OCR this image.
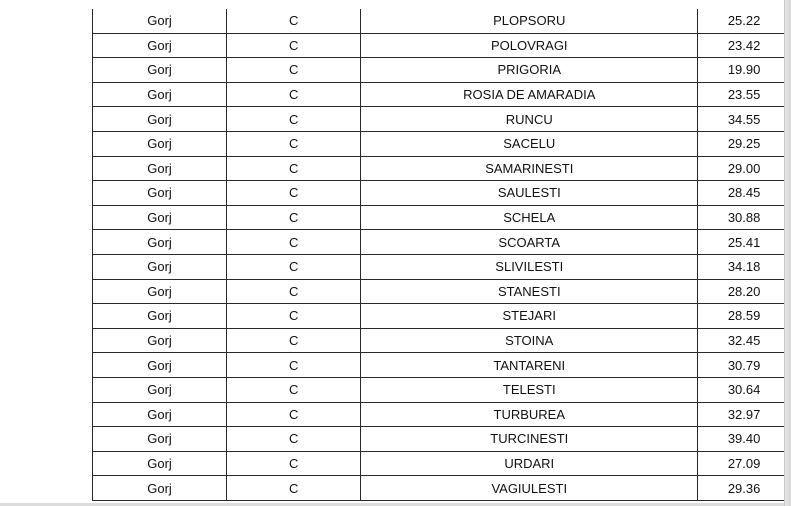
Gorj	C	PLOPSORU	25.22
Gorj	C	POLOVRAGI	23.42
Gorj	C	PRIGORIA	19.90
Gorj	C	ROSIA DE AMARADIA	23.55
Gorj	C	RUNCU	34.55
Gorj	C	SACELU	29.25
Gorj	C	SAMARINESTI	29.00
Gorj	C	SAULESTI	28.45
Gorj	C	SCHELA	30.88
Gorj	C	SCOARTA	25.41
Gorj	C	SLIVILESTI	34.18
Gorj	C	STANESTI	28.20
Gorj	C	STEJARI	28.59
Gorj	C	STOINA	32.45
Gorj	C	TANTARENI	30.79
Gorj	C	TELESTI	30.64
Gorj	C	TURBUREA	32.97
Gorj	C	TURCINESTI	39.40
Gorj	C	URDARI	27.09
Gorj	C	VAGIULESTI	29.36
